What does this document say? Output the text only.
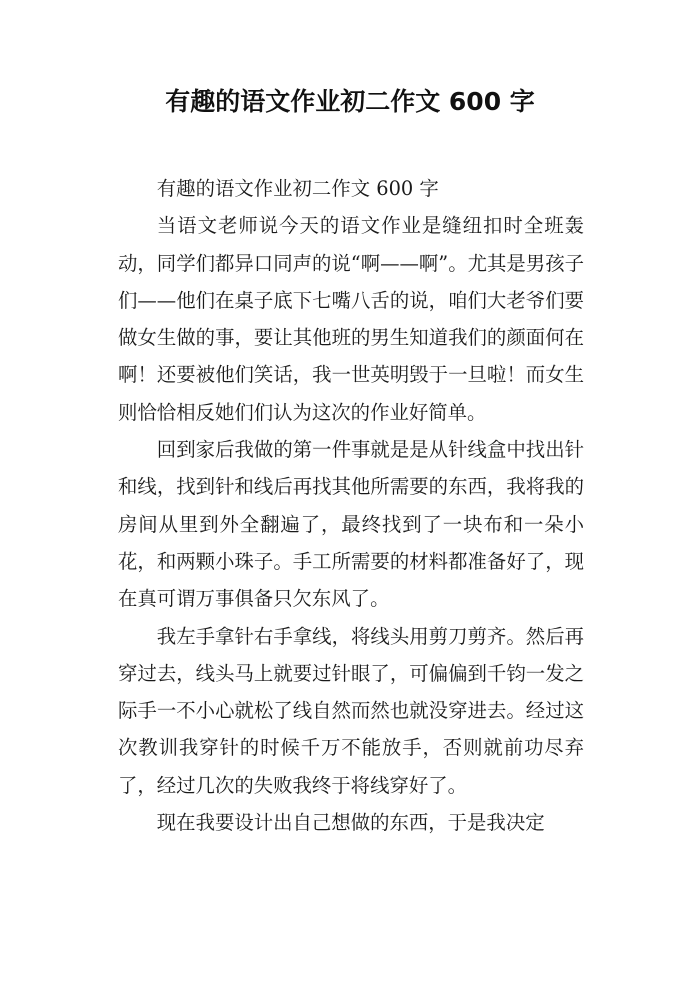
有趣的语文作业初二作文 600 字

有趣的语文作业初二作文 600 字

当语文老师说今天的语文作业是缝纽扣时全班轰动，同学们都异口同声的说“啊——啊”。尤其是男孩子们——他们在桌子底下七嘴八舌的说，咱们大老爷们要做女生做的事，要让其他班的男生知道我们的颜面何在啊！还要被他们笑话，我一世英明毁于一旦啦！而女生则恰恰相反她们们认为这次的作业好简单。

回到家后我做的第一件事就是是从针线盒中找出针和线，找到针和线后再找其他所需要的东西，我将我的房间从里到外全翻遍了，最终找到了一块布和一朵小花，和两颗小珠子。手工所需要的材料都准备好了，现在真可谓万事俱备只欠东风了。

我左手拿针右手拿线，将线头用剪刀剪齐。然后再穿过去，线头马上就要过针眼了，可偏偏到千钧一发之际手一不小心就松了线自然而然也就没穿进去。经过这次教训我穿针的时候千万不能放手，否则就前功尽弃了，经过几次的失败我终于将线穿好了。

现在我要设计出自己想做的东西，于是我决定
